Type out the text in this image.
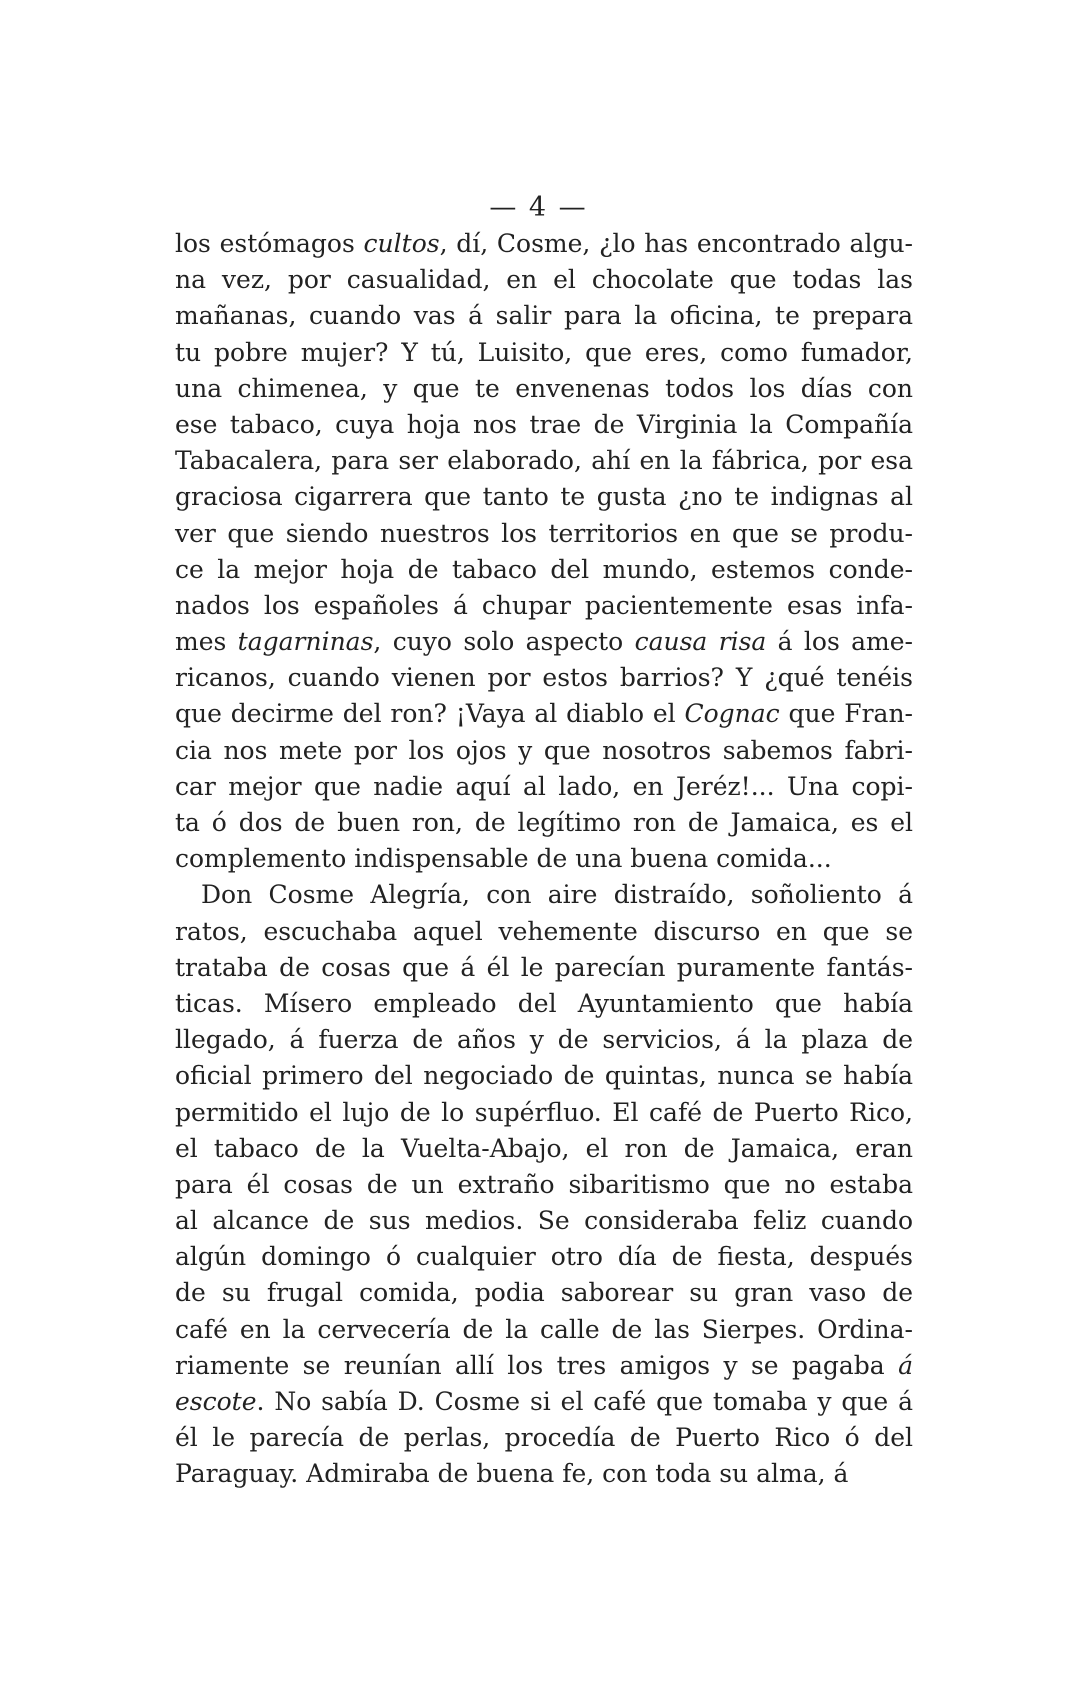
— 4 —
los estómagos cultos, dí, Cosme, ¿lo has encontrado algu-
na vez, por casualidad, en el chocolate que todas las
mañanas, cuando vas á salir para la oficina, te prepara
tu pobre mujer? Y tú, Luisito, que eres, como fumador,
una chimenea, y que te envenenas todos los días con
ese tabaco, cuya hoja nos trae de Virginia la Compañía
Tabacalera, para ser elaborado, ahí en la fábrica, por esa
graciosa cigarrera que tanto te gusta ¿no te indignas al
ver que siendo nuestros los territorios en que se produ-
ce la mejor hoja de tabaco del mundo, estemos conde-
nados los españoles á chupar pacientemente esas infa-
mes tagarninas, cuyo solo aspecto causa risa á los ame-
ricanos, cuando vienen por estos barrios? Y ¿qué tenéis
que decirme del ron? ¡Vaya al diablo el Cognac que Fran-
cia nos mete por los ojos y que nosotros sabemos fabri-
car mejor que nadie aquí al lado, en Jeréz!... Una copi-
ta ó dos de buen ron, de legítimo ron de Jamaica, es el
complemento indispensable de una buena comida...
Don Cosme Alegría, con aire distraído, soñoliento á
ratos, escuchaba aquel vehemente discurso en que se
trataba de cosas que á él le parecían puramente fantás-
ticas. Mísero empleado del Ayuntamiento que había
llegado, á fuerza de años y de servicios, á la plaza de
oficial primero del negociado de quintas, nunca se había
permitido el lujo de lo supérfluo. El café de Puerto Rico,
el tabaco de la Vuelta-Abajo, el ron de Jamaica, eran
para él cosas de un extraño sibaritismo que no estaba
al alcance de sus medios. Se consideraba feliz cuando
algún domingo ó cualquier otro día de fiesta, después
de su frugal comida, podia saborear su gran vaso de
café en la cervecería de la calle de las Sierpes. Ordina-
riamente se reunían allí los tres amigos y se pagaba á
escote. No sabía D. Cosme si el café que tomaba y que á
él le parecía de perlas, procedía de Puerto Rico ó del
Paraguay. Admiraba de buena fe, con toda su alma, á
